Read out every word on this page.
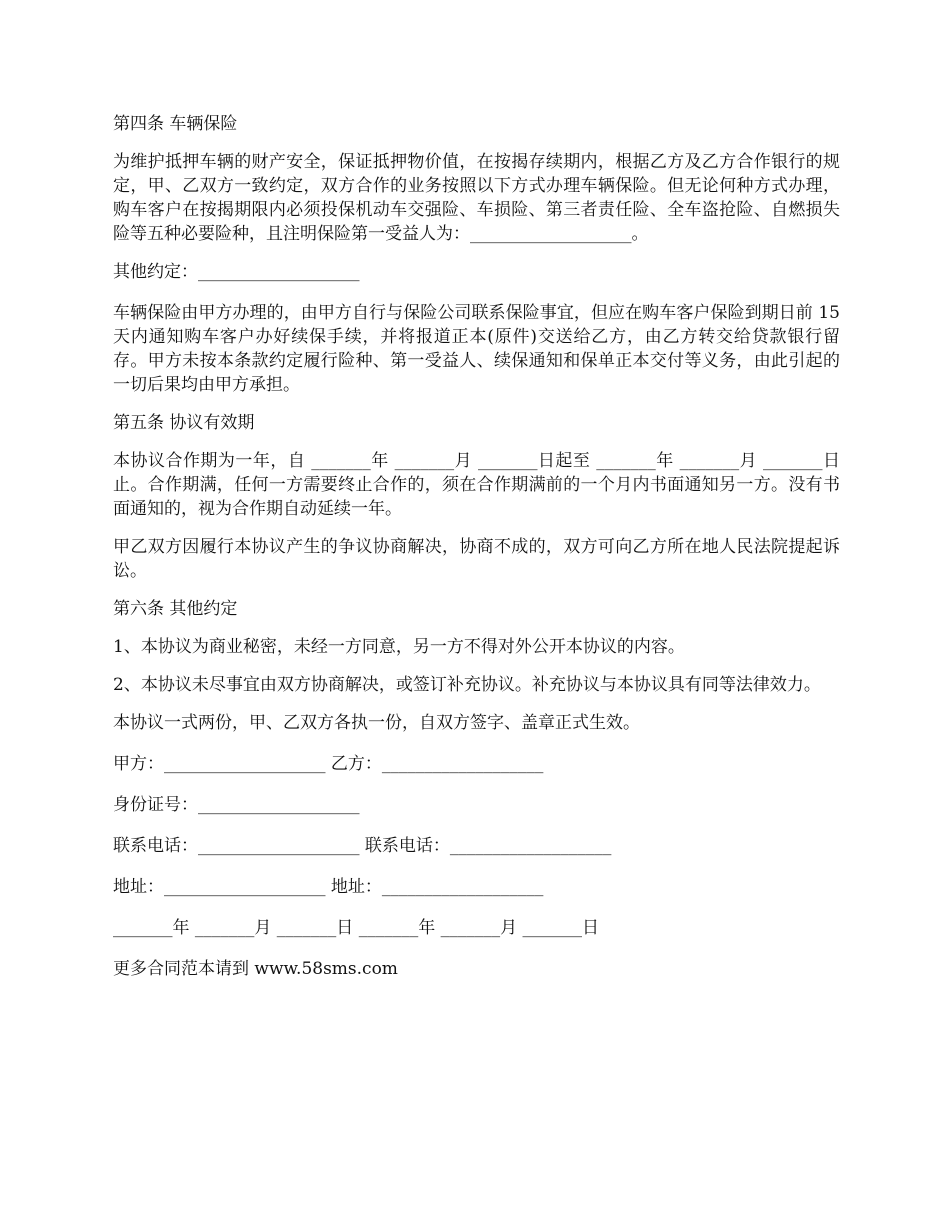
第四条 车辆保险

为维护抵押车辆的财产安全，保证抵押物价值，在按揭存续期内，根据乙方及乙方合作银行的规定，甲、乙双方一致约定，双方合作的业务按照以下方式办理车辆保险。但无论何种方式办理，购车客户在按揭期限内必须投保机动车交强险、车损险、第三者责任险、全车盗抢险、自燃损失险等五种必要险种，且注明保险第一受益人为：___________________。

其他约定：___________________

车辆保险由甲方办理的，由甲方自行与保险公司联系保险事宜，但应在购车客户保险到期日前 15 天内通知购车客户办好续保手续，并将报道正本(原件)交送给乙方，由乙方转交给贷款银行留存。甲方未按本条款约定履行险种、第一受益人、续保通知和保单正本交付等义务，由此引起的一切后果均由甲方承担。

第五条 协议有效期

本协议合作期为一年，自 _______年 _______月 _______日起至 _______年 _______月 _______日止。合作期满，任何一方需要终止合作的，须在合作期满前的一个月内书面通知另一方。没有书面通知的，视为合作期自动延续一年。

甲乙双方因履行本协议产生的争议协商解决，协商不成的，双方可向乙方所在地人民法院提起诉讼。

第六条 其他约定

1、本协议为商业秘密，未经一方同意，另一方不得对外公开本协议的内容。

2、本协议未尽事宜由双方协商解决，或签订补充协议。补充协议与本协议具有同等法律效力。

本协议一式两份，甲、乙双方各执一份，自双方签字、盖章正式生效。

甲方：___________________ 乙方：___________________

身份证号：___________________

联系电话：___________________ 联系电话：___________________

地址：___________________ 地址：___________________

_______年 _______月 _______日 _______年 _______月 _______日

更多合同范本请到 www.58sms.com
